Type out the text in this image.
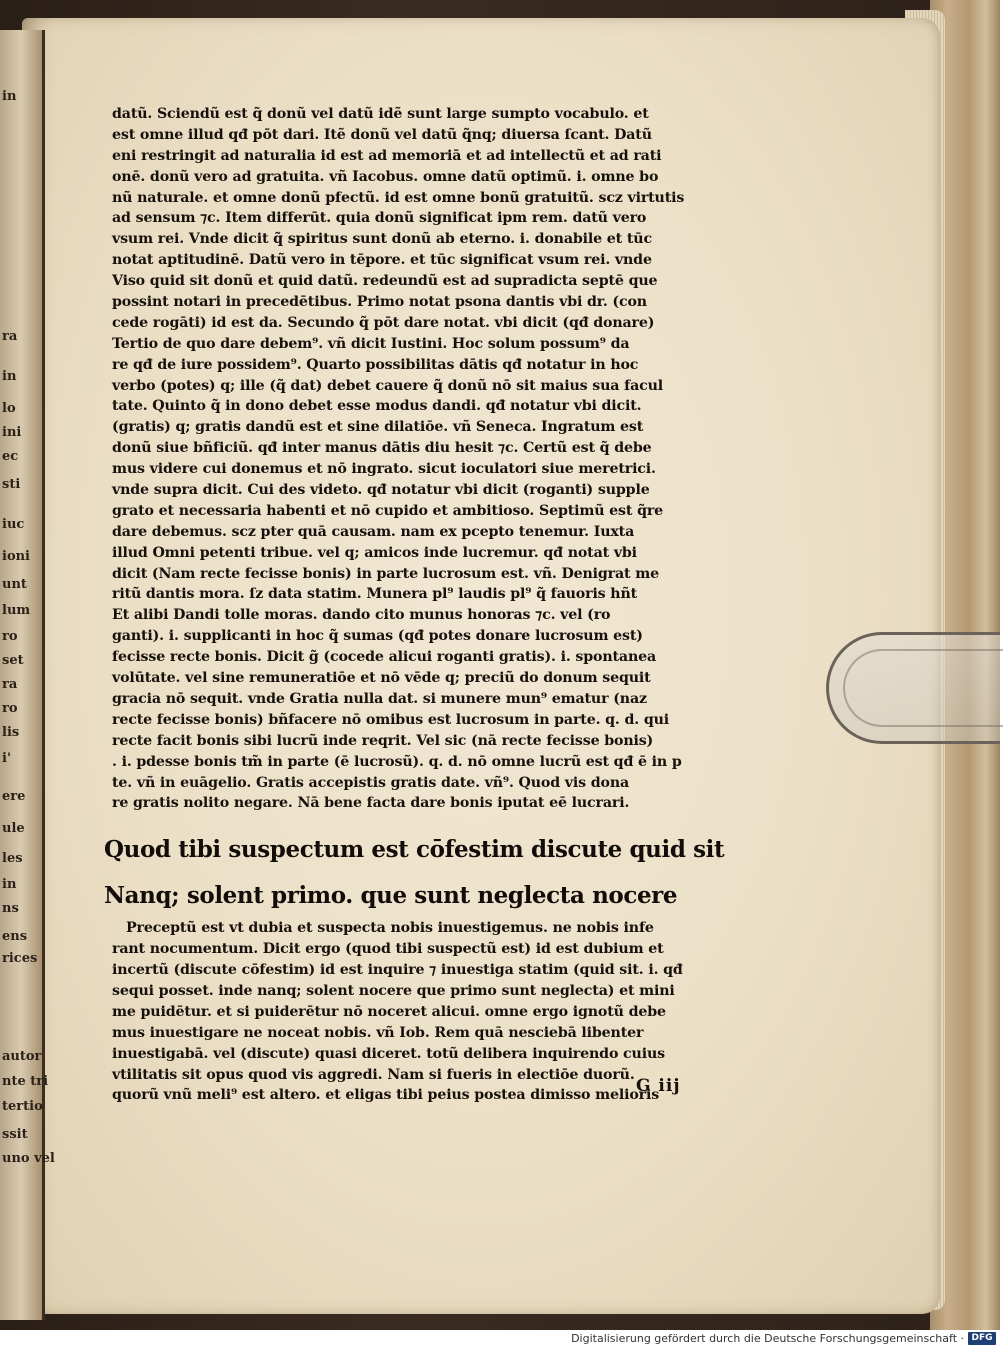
in
ra
in
lo
ini
ec
sti
iuc
ioni
unt
lum
ro
set
ra
ro
lis
i'
ere
ule
les
in
ns
ens
rices
autor
nte tri
tertio
ssit
uno vel
datũ. Sciendũ est q̃ donũ vel datũ idẽ sunt large sumpto vocabulo. et
est omne illud qđ pōt dari. Itẽ donũ vel datũ q̃nq; diuersa ſcant. Datũ
eni restringit ad naturalia id est ad memoriā et ad intellectũ et ad rati
onē. donũ vero ad gratuita. vñ Iacobus. omne datũ optimũ. i. omne bo
nũ naturale. et omne donũ pfectũ. id est omne bonũ gratuitũ. scz virtutis
ad sensum ⁊c. Item differūt. quia donũ significat ipm rem. datũ vero
vsum rei. Vnde dicit q̃ spiritus sunt donũ ab eterno. i. donabile et tūc
notat aptitudinē. Datũ vero in tēpore. et tūc significat vsum rei. vnde
Viso quid sit donũ et quid datũ. redeundũ est ad supradicta septē que
possint notari in precedētibus. Primo notat psona dantis vbi dr. (con
cede rogāti) id est da. Secundo q̃ pōt dare notat. vbi dicit (qđ donare)
Tertio de quo dare debem⁹. vñ dicit Iustini. Hoc solum possum⁹ da
re qđ de iure possidem⁹. Quarto possibilitas dātis qđ notatur in hoc
verbo (potes) q; ille (q̃ dat) debet cauere q̃ donũ nō sit maius sua facul
tate. Quinto q̃ in dono debet esse modus dandi. qđ notatur vbi dicit.
(gratis) q; gratis dandũ est et sine dilatiōe. vñ Seneca. Ingratum est
donũ siue bñficiũ. qđ inter manus dātis diu hesit ⁊c. Certũ est q̃ debe
mus videre cui donemus et nō ingrato. sicut ioculatori siue meretrici.
vnde supra dicit. Cui des videto. qđ notatur vbi dicit (roganti) supple
grato et necessaria habenti et nō cupido et ambitioso. Septimũ est q̃re
dare debemus. scz pter quā causam. nam ex pcepto tenemur. Iuxta
illud Omni petenti tribue. vel q; amicos inde lucremur. qđ notat vbi
dicit (Nam recte fecisse bonis) in parte lucrosum est. vñ. Denigrat me
ritũ dantis mora. ſz data statim. Munera pl⁹ laudis pl⁹ q̃ fauoris hñt
Et alibi Dandi tolle moras. dando cito munus honoras ⁊c. vel (ro
ganti). i. supplicanti in hoc q̃ sumas (qđ potes donare lucrosum est)
fecisse recte bonis. Dicit g̃ (cocede alicui roganti gratis). i. spontanea
volūtate. vel sine remuneratiōe et nō vēde q; preciũ do donum sequit
gracia nō sequit. vnde Gratia nulla dat. si munere mun⁹ ematur (naz
recte fecisse bonis) bñfacere nō omibus est lucrosum in parte. q. d. qui
recte facit bonis sibi lucrũ inde reqrit. Vel sic (nā recte fecisse bonis)
. i. pdesse bonis tm̃ in parte (ē lucrosũ). q. d. nō omne lucrũ est qđ ē in p
te. vñ in euāgelio. Gratis accepistis gratis date. vñ⁹. Quod vis dona
re gratis nolito negare. Nā bene facta dare bonis iputat eē lucrari.
Quod tibi suspectum est cōfestim discute quid sit
Nanq; solent primo. que sunt neglecta nocere
Preceptũ est vt dubia et suspecta nobis inuestigemus. ne nobis infe
rant nocumentum. Dicit ergo (quod tibi suspectũ est) id est dubium et
incertũ (discute cōfestim) id est inquire ⁊ inuestiga statim (quid sit. i. qđ
sequi posset. inde nanq; solent nocere que primo sunt neglecta) et mini
me puidētur. et si puiderētur nō noceret alicui. omne ergo ignotũ debe
mus inuestigare ne noceat nobis. vñ Iob. Rem quā nesciebā libenter
inuestigabā. vel (discute) quasi diceret. totũ delibera inquirendo cuius
vtilitatis sit opus quod vis aggredi. Nam si fueris in electiōe duorũ.
quorũ vnũ meli⁹ est altero. et eligas tibi peius postea dimisso melioris
G iij
Digitalisierung gefördert durch die Deutsche Forschungsgemeinschaft · DFG
